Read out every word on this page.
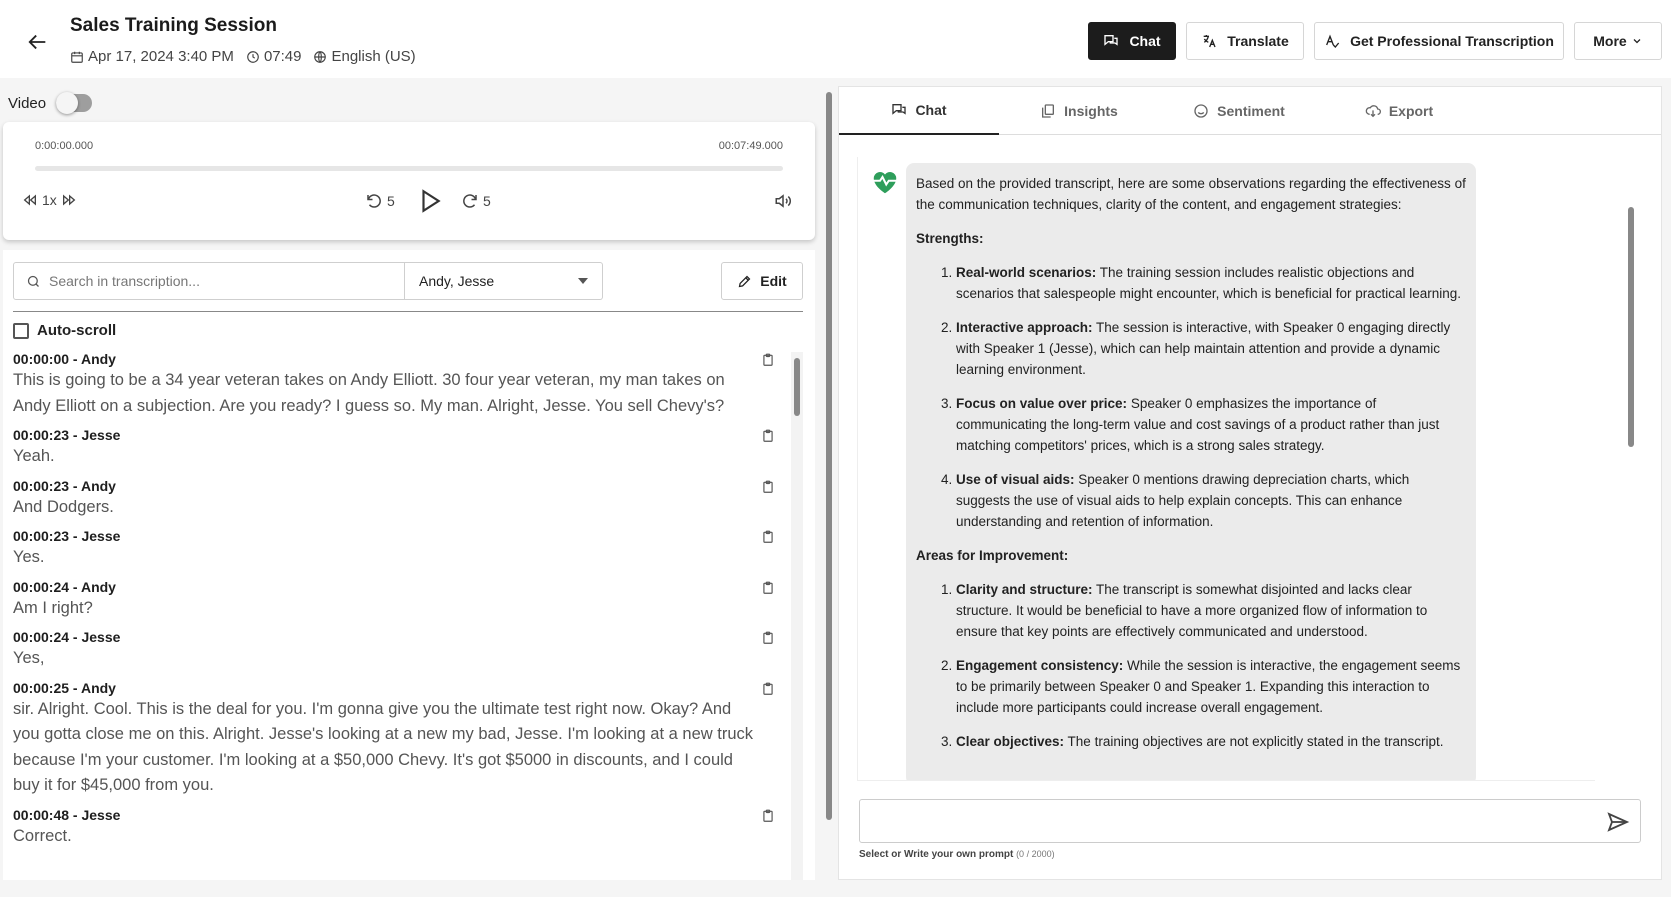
Sales Training Session
Apr 17, 2024 3:40 PM 07:49 English (US)
Chat	Translate	Get Professional Transcription	More
Video
0:00:00.000	00:07:49.000
1x	5	5
Search in transcription...
Andy, Jesse	Edit
Auto-scroll
00:00:00 - Andy
This is going to be a 34 year veteran takes on Andy Elliott. 30 four year veteran, my man takes on Andy Elliott on a subjection. Are you ready? I guess so. My man. Alright, Jesse. You sell Chevy's?
00:00:23 - Jesse
Yeah.
00:00:23 - Andy
And Dodgers.
00:00:23 - Jesse
Yes.
00:00:24 - Andy
Am I right?
00:00:24 - Jesse
Yes,
00:00:25 - Andy
sir. Alright. Cool. This is the deal for you. I'm gonna give you the ultimate test right now. Okay? And you gotta close me on this. Alright. Jesse's looking at a new my bad, Jesse. I'm looking at a new truck because I'm your customer. I'm looking at a $50,000 Chevy. It's got $5000 in discounts, and I could buy it for $45,000 from you.
00:00:48 - Jesse
Correct.
Chat	Insights	Sentiment	Export

Based on the provided transcript, here are some observations regarding the effectiveness of the communication techniques, clarity of the content, and engagement strategies:

Strengths:
1. Real-world scenarios: The training session includes realistic objections and scenarios that salespeople might encounter, which is beneficial for practical learning.
2. Interactive approach: The session is interactive, with Speaker 0 engaging directly with Speaker 1 (Jesse), which can help maintain attention and provide a dynamic learning environment.
3. Focus on value over price: Speaker 0 emphasizes the importance of communicating the long-term value and cost savings of a product rather than just matching competitors' prices, which is a strong sales strategy.
4. Use of visual aids: Speaker 0 mentions drawing depreciation charts, which suggests the use of visual aids to help explain concepts. This can enhance understanding and retention of information.
Areas for Improvement:
1. Clarity and structure: The transcript is somewhat disjointed and lacks clear structure. It would be beneficial to have a more organized flow of information to ensure that key points are effectively communicated and understood.
2. Engagement consistency: While the session is interactive, the engagement seems to be primarily between Speaker 0 and Speaker 1. Expanding this interaction to include more participants could increase overall engagement.
3. Clear objectives: The training objectives are not explicitly stated in the transcript.
Select or Write your own prompt (0 / 2000)
